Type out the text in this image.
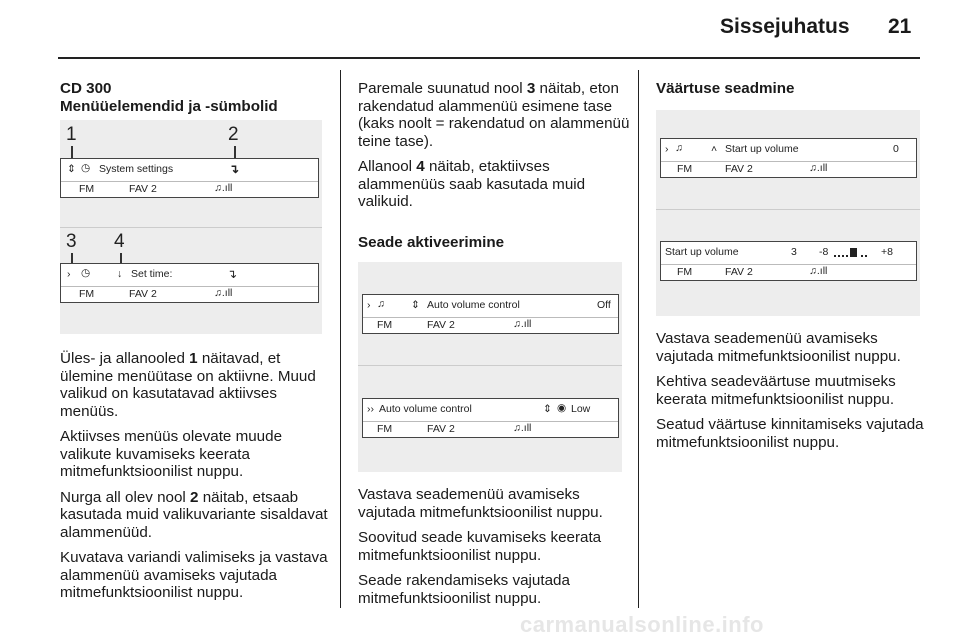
Sissejuhatus 21
CD 300
Menüüelemendid ja -sümbolid
1	2
⇕ ◷ System settings	↴
FM	FAV 2	♫.ıll
3 4
› ◷	↓ Set time:	↴
FM	FAV 2	♫.ıll

Üles- ja allanooled 1 näitavad, et ülemine menüütase on aktiivne. Muud valikud on kasutatavad aktiivses menüüs.

Aktiivses menüüs olevate muude valikute kuvamiseks keerata mitmefunktsioonilist nuppu.

Nurga all olev nool 2 näitab, etsaab kasutada muid valikuvariante sisaldavat alammenüüd.

Kuvatava variandi valimiseks ja vastava alammenüü avamiseks vajutada mitmefunktsioonilist nuppu.

Paremale suunatud nool 3 näitab, eton rakendatud alammenüü esimene tase (kaks noolt = rakendatud on alammenüü teine tase).

Allanool 4 näitab, etaktiivses alammenüüs saab kasutada muid valikuid.

Seade aktiveerimine
› ♫ ⇕ Auto volume control	Off
FM	FAV 2	♫.ıll
›› Auto volume control	⇕ ◉ Low
FM	FAV 2	♫.ıll

Vastava seademenüü avamiseks vajutada mitmefunktsioonilist nuppu.

Soovitud seade kuvamiseks keerata mitmefunktsioonilist nuppu.

Seade rakendamiseks vajutada mitmefunktsioonilist nuppu.

Väärtuse seadmine
› ♫	˄ Start up volume	0
FM	FAV 2	♫.ıll
Start up volume	3 -8	+8
FM	FAV 2	♫.ıll

Vastava seademenüü avamiseks vajutada mitmefunktsioonilist nuppu.

Kehtiva seadeväärtuse muutmiseks keerata mitmefunktsioonilist nuppu.

Seatud väärtuse kinnitamiseks vajutada mitmefunktsioonilist nuppu.

carmanualsonline.info
